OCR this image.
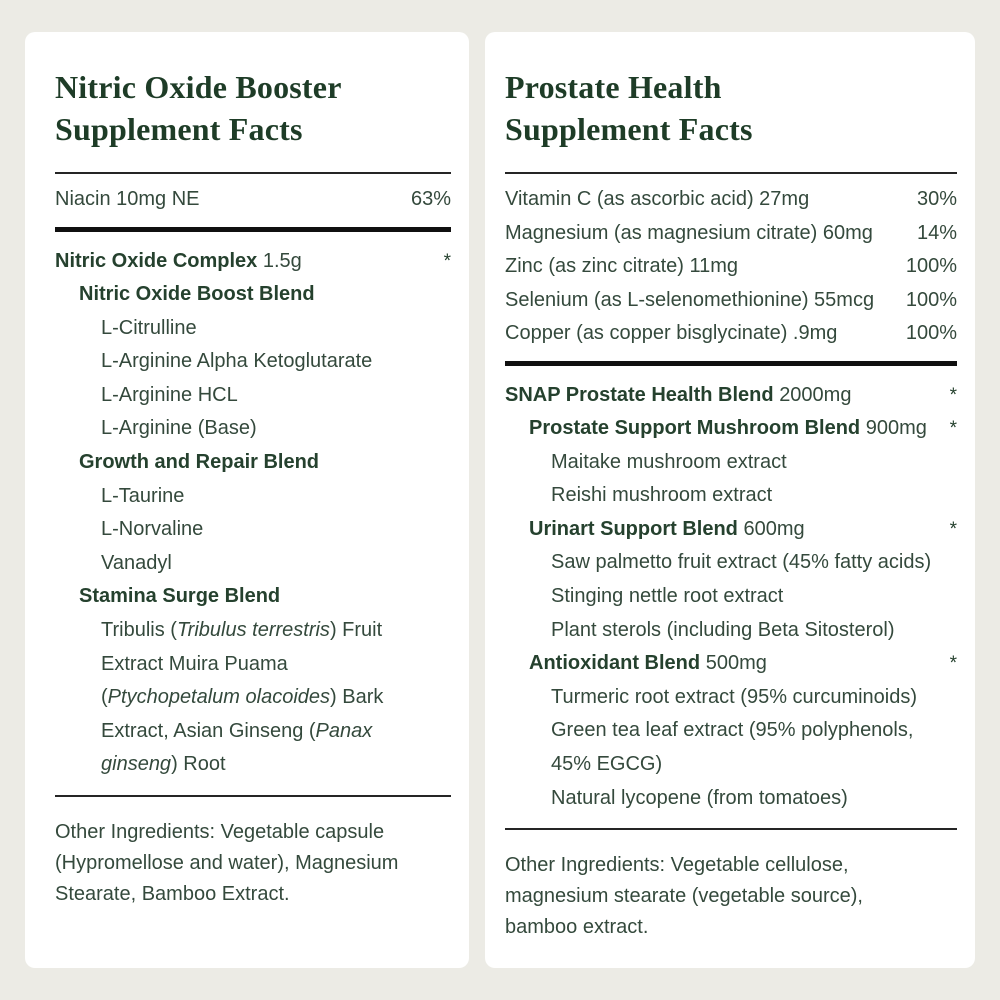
Nitric Oxide Booster
Supplement Facts
Niacin 10mg NE	63%
Nitric Oxide Complex 1.5g	*
Nitric Oxide Boost Blend
L-Citrulline
L-Arginine Alpha Ketoglutarate
L-Arginine HCL
L-Arginine (Base)
Growth and Repair Blend
L-Taurine
L-Norvaline
Vanadyl
Stamina Surge Blend
Tribulis (Tribulus terrestris) Fruit
Extract Muira Puama
(Ptychopetalum olacoides) Bark
Extract, Asian Ginseng (Panax
ginseng) Root

Other Ingredients: Vegetable capsule
(Hypromellose and water), Magnesium
Stearate, Bamboo Extract.

Prostate Health
Supplement Facts
Vitamin C (as ascorbic acid) 27mg	30%
Magnesium (as magnesium citrate) 60mg 14%
Zinc (as zinc citrate) 11mg	100%
Selenium (as L-selenomethionine) 55mcg 100%
Copper (as copper bisglycinate) .9mg	100%
SNAP Prostate Health Blend 2000mg	*
Prostate Support Mushroom Blend 900mg *
Maitake mushroom extract
Reishi mushroom extract
Urinart Support Blend 600mg	*
Saw palmetto fruit extract (45% fatty acids)
Stinging nettle root extract
Plant sterols (including Beta Sitosterol)
Antioxidant Blend 500mg	*
Turmeric root extract (95% curcuminoids)
Green tea leaf extract (95% polyphenols,
45% EGCG)
Natural lycopene (from tomatoes)

Other Ingredients: Vegetable cellulose,
magnesium stearate (vegetable source),
bamboo extract.
